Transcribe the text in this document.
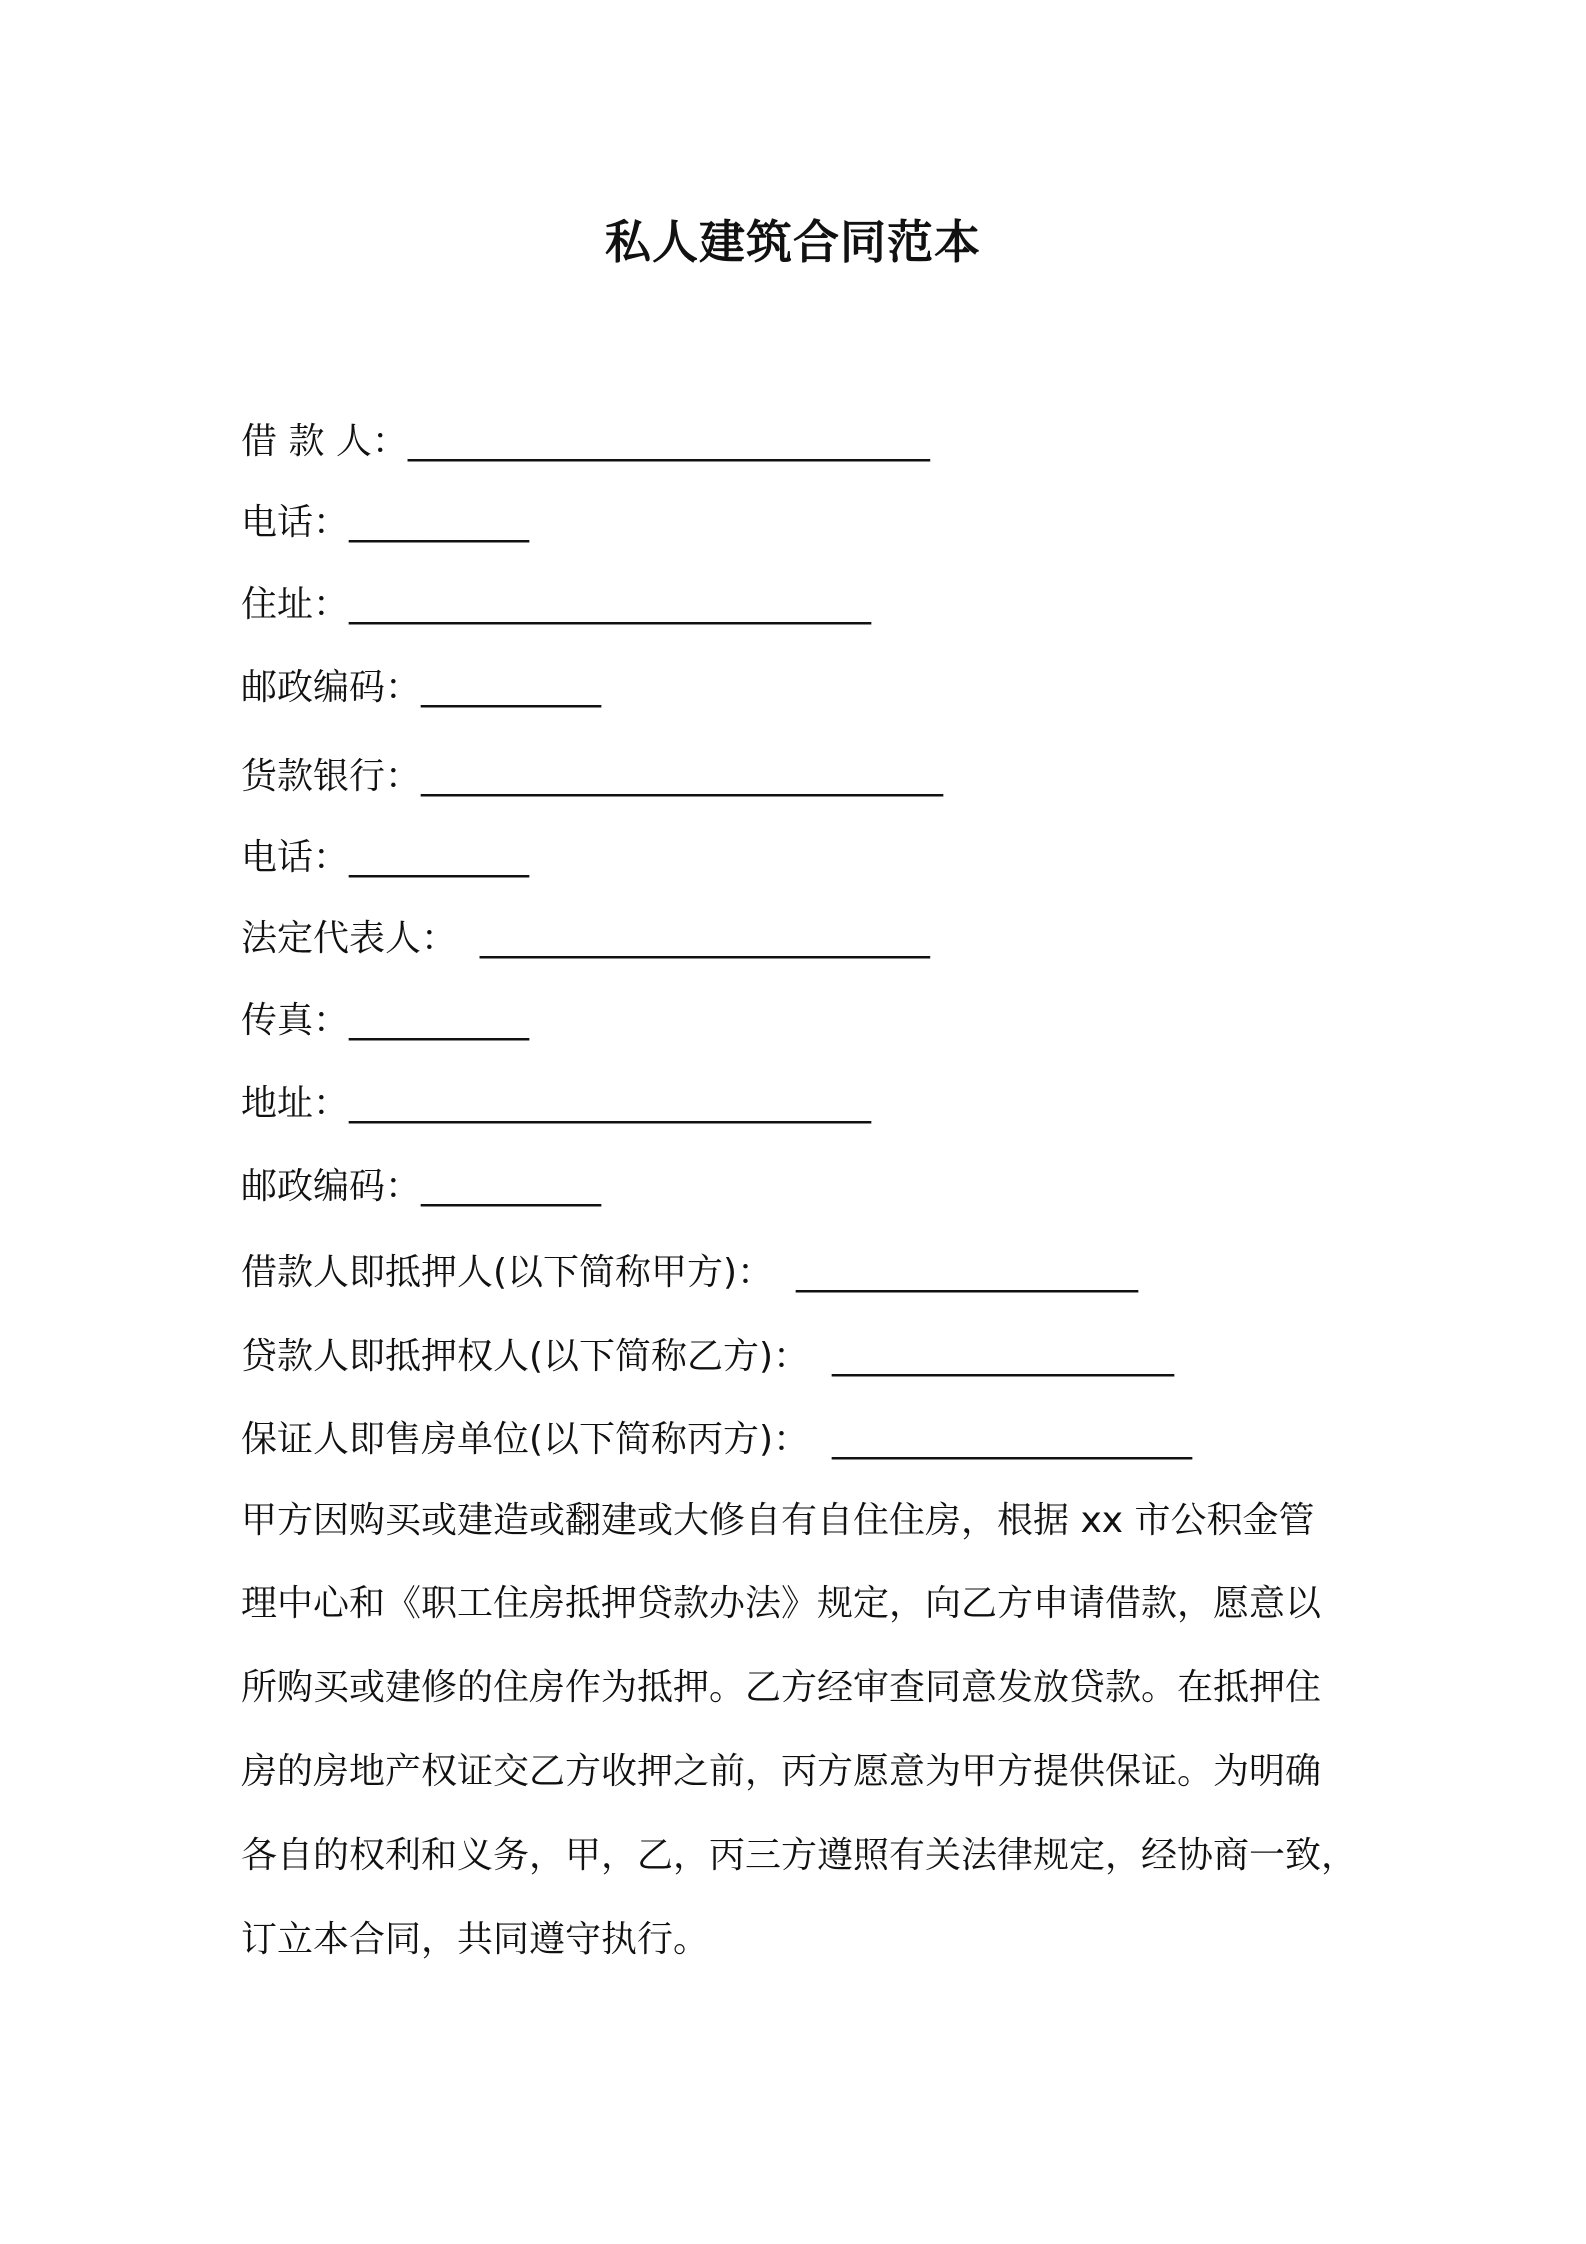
私人建筑合同范本
借 款 人：_____________________________
电话：__________
住址：_____________________________
邮政编码：__________
货款银行：_____________________________
电话：__________
法定代表人：  _________________________
传真：__________
地址：_____________________________
邮政编码：__________
借款人即抵押人(以下简称甲方)：  ___________________
贷款人即抵押权人(以下简称乙方)：  ___________________
保证人即售房单位(以下简称丙方)：  ____________________
甲方因购买或建造或翻建或大修自有自住住房，根据 xx 市公积金管
理中心和《职工住房抵押贷款办法》规定，向乙方申请借款，愿意以
所购买或建修的住房作为抵押。乙方经审查同意发放贷款。在抵押住
房的房地产权证交乙方收押之前，丙方愿意为甲方提供保证。为明确
各自的权利和义务，甲，乙，丙三方遵照有关法律规定，经协商一致，
订立本合同，共同遵守执行。
